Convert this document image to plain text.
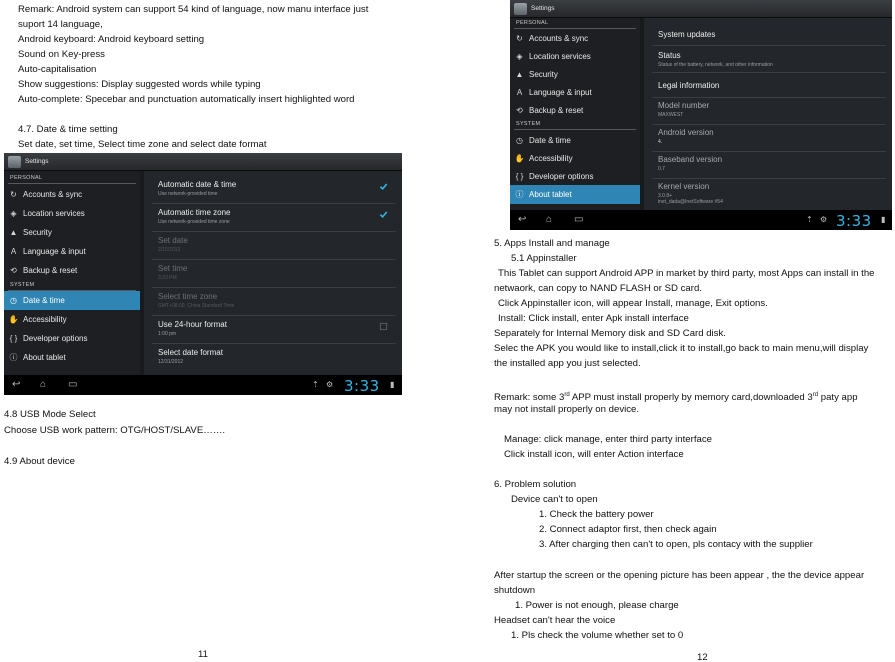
Remark: Android system can support 54 kind of language, now manu interface just
suport 14 language,
Android keyboard: Android keyboard setting
Sound on Key-press
Auto-capitalisation
Show suggestions: Display suggested words while typing
Auto-complete: Specebar and punctuation automatically insert highlighted word
4.7. Date & time setting
Set date, set time, Select time zone and select date format
Settings
PERSONAL
↻ Accounts & sync
◈ Location services
▲ Security
A Language & input
⟲ Backup & reset
SYSTEM
◷ Date & time
✋ Accessibility
{ } Developer options
ⓘ About tablet
Automatic date & time
Use network-provided time
Automatic time zone
Use network-provided time zone
Set date
2/15/2012
Set time
3:33 PM
Select time zone
GMT+08:00, China Standard Time
Use 24-hour format
1:00 pm
Select date format
12/31/2012
↩ ⌂ ▭	⇡ ⚙ 3:33 ▮
4.8 USB Mode Select
Choose USB work pattern: OTG/HOST/SLAVE…….
4.9 About device
11
Settings
PERSONAL
↻ Accounts & sync
◈ Location services
▲ Security
A Language & input
⟲ Backup & reset
SYSTEM
◷ Date & time
✋ Accessibility
{ } Developer options
ⓘ About tablet
System updates
Status
Status of the battery, network, and other information
Legal information
Model number
MAXWEST
Android version
4.
Baseband version
0.7
Kernel version
3.0.8+
inet_dada@InetSoftware #54
↩ ⌂ ▭	⇡ ⚙ 3:33 ▮
5. Apps Install and manage
5.1 Appinstaller
This Tablet can support Android APP in market by third party, most Apps can install in the
netwaork, can copy to NAND FLASH or SD card.
Click Appinstaller icon, will appear Install, manage, Exit options.
Install: Click install, enter Apk install interface
Separately for Internal Memory disk and SD Card disk.
Selec the APK you would like to install,click it to install,go back to main menu,will display
the installed app you just selected.
Remark: some 3rd APP must install properly by memory card,downloaded 3rd paty app
may not install properly on device.
Manage: click manage, enter third party interface
Click install icon, will enter Action interface
6. Problem solution
Device can't to open
1. Check the battery power
2. Connect adaptor first, then check again
3. After charging then can't to open, pls contacy with the supplier
After startup the screen or the opening picture has been appear , the the device appear
shutdown
1. Power is not enough, please charge
Headset can't hear the voice
1. Pls check the volume whether set to 0
12
